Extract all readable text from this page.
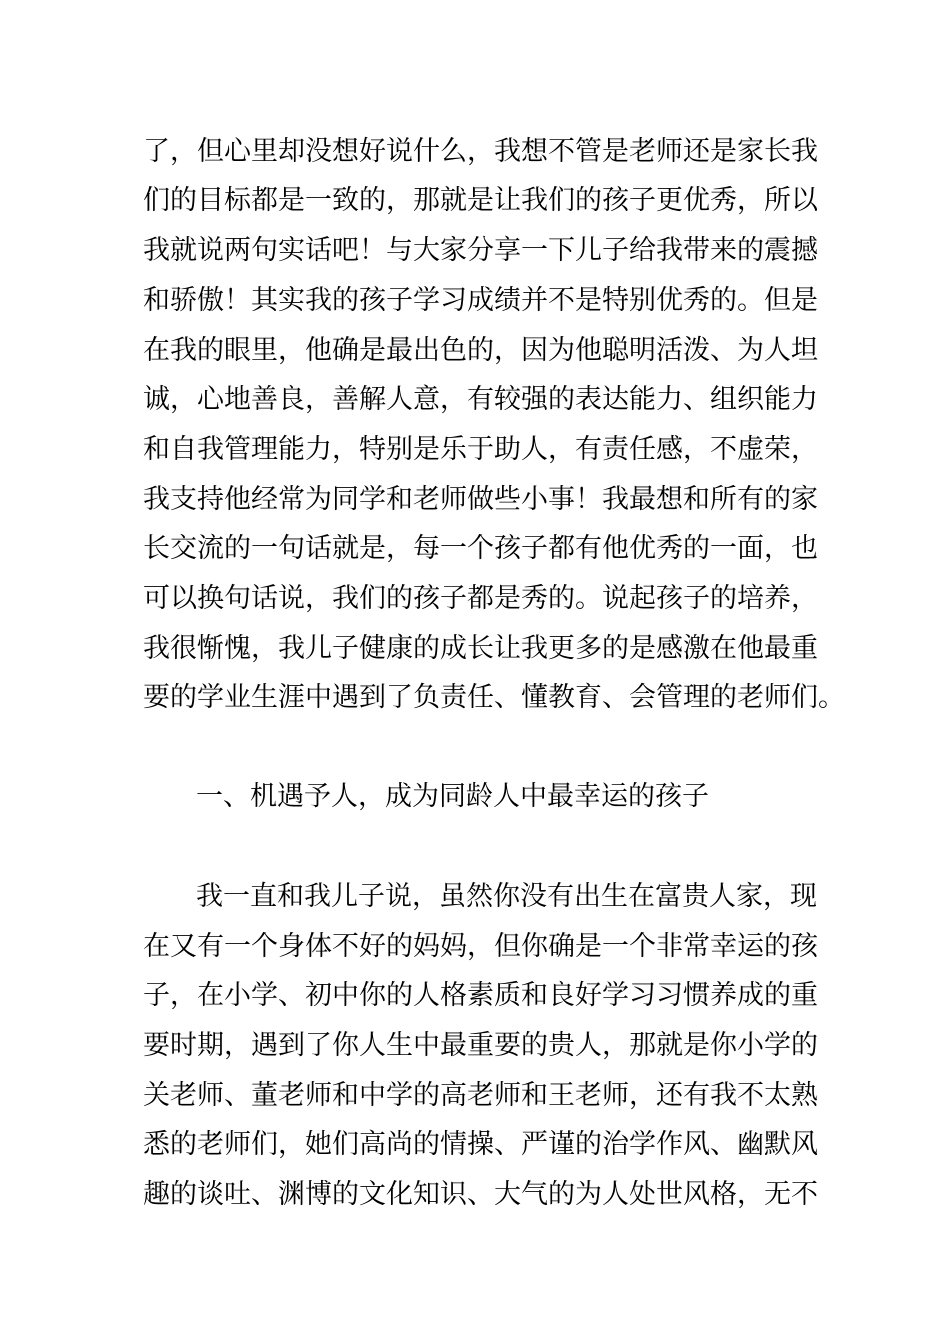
了，但心里却没想好说什么，我想不管是老师还是家长我
们的目标都是一致的，那就是让我们的孩子更优秀，所以
我就说两句实话吧！与大家分享一下儿子给我带来的震撼
和骄傲！其实我的孩子学习成绩并不是特别优秀的。但是
在我的眼里，他确是最出色的，因为他聪明活泼、为人坦
诚，心地善良，善解人意，有较强的表达能力、组织能力
和自我管理能力，特别是乐于助人，有责任感，不虚荣，
我支持他经常为同学和老师做些小事！我最想和所有的家
长交流的一句话就是，每一个孩子都有他优秀的一面，也
可以换句话说，我们的孩子都是秀的。说起孩子的培养，
我很惭愧，我儿子健康的成长让我更多的是感激在他最重
要的学业生涯中遇到了负责任、懂教育、会管理的老师们。
一、机遇予人，成为同龄人中最幸运的孩子
我一直和我儿子说，虽然你没有出生在富贵人家，现
在又有一个身体不好的妈妈，但你确是一个非常幸运的孩
子，在小学、初中你的人格素质和良好学习习惯养成的重
要时期，遇到了你人生中最重要的贵人，那就是你小学的
关老师、董老师和中学的高老师和王老师，还有我不太熟
悉的老师们，她们高尚的情操、严谨的治学作风、幽默风
趣的谈吐、渊博的文化知识、大气的为人处世风格，无不
